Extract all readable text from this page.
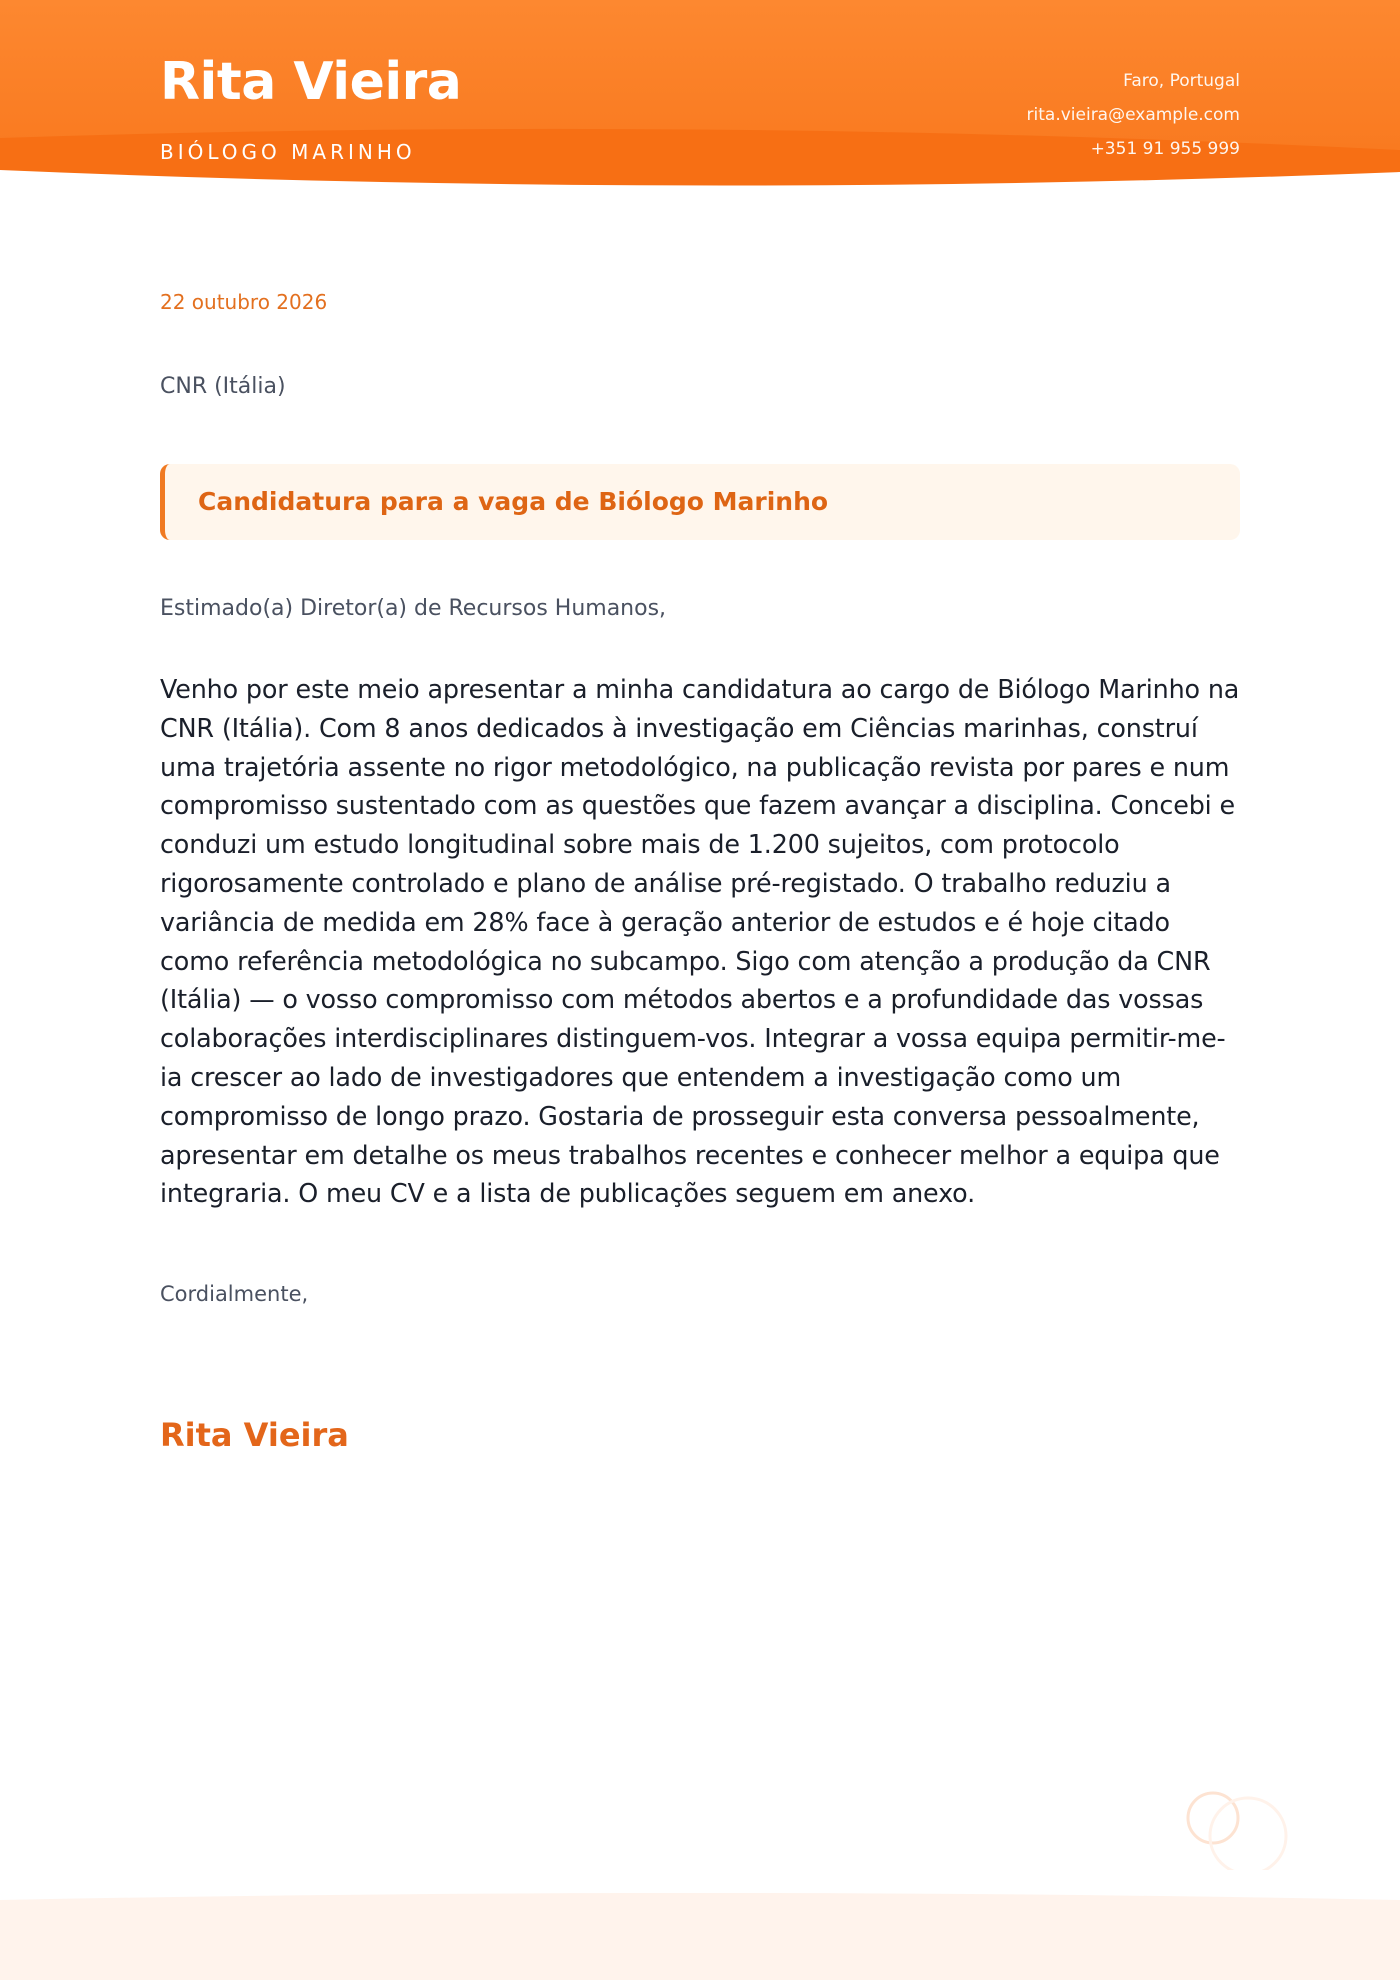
Rita Vieira
BIÓLOGO MARINHO
Faro, Portugal
rita.vieira@example.com
+351 91 955 999
22 outubro 2026
CNR (Itália)
Candidatura para a vaga de Biólogo Marinho
Estimado(a) Diretor(a) de Recursos Humanos,

Venho por este meio apresentar a minha candidatura ao cargo de Biólogo Marinho na CNR (Itália). Com 8 anos dedicados à investigação em Ciências marinhas, construí uma trajetória assente no rigor metodológico, na publicação revista por pares e num compromisso sustentado com as questões que fazem avançar a disciplina. Concebi e conduzi um estudo longitudinal sobre mais de 1.200 sujeitos, com protocolo rigorosamente controlado e plano de análise pré-registado. O trabalho reduziu a variância de medida em 28% face à geração anterior de estudos e é hoje citado como referência metodológica no subcampo. Sigo com atenção a produção da CNR (Itália) — o vosso compromisso com métodos abertos e a profundidade das vossas colaborações interdisciplinares distinguem-vos. Integrar a vossa equipa permitir-me-ia crescer ao lado de investigadores que entendem a investigação como um compromisso de longo prazo. Gostaria de prosseguir esta conversa pessoalmente, apresentar em detalhe os meus trabalhos recentes e conhecer melhor a equipa que integraria. O meu CV e a lista de publicações seguem em anexo.

Cordialmente,
Rita Vieira
